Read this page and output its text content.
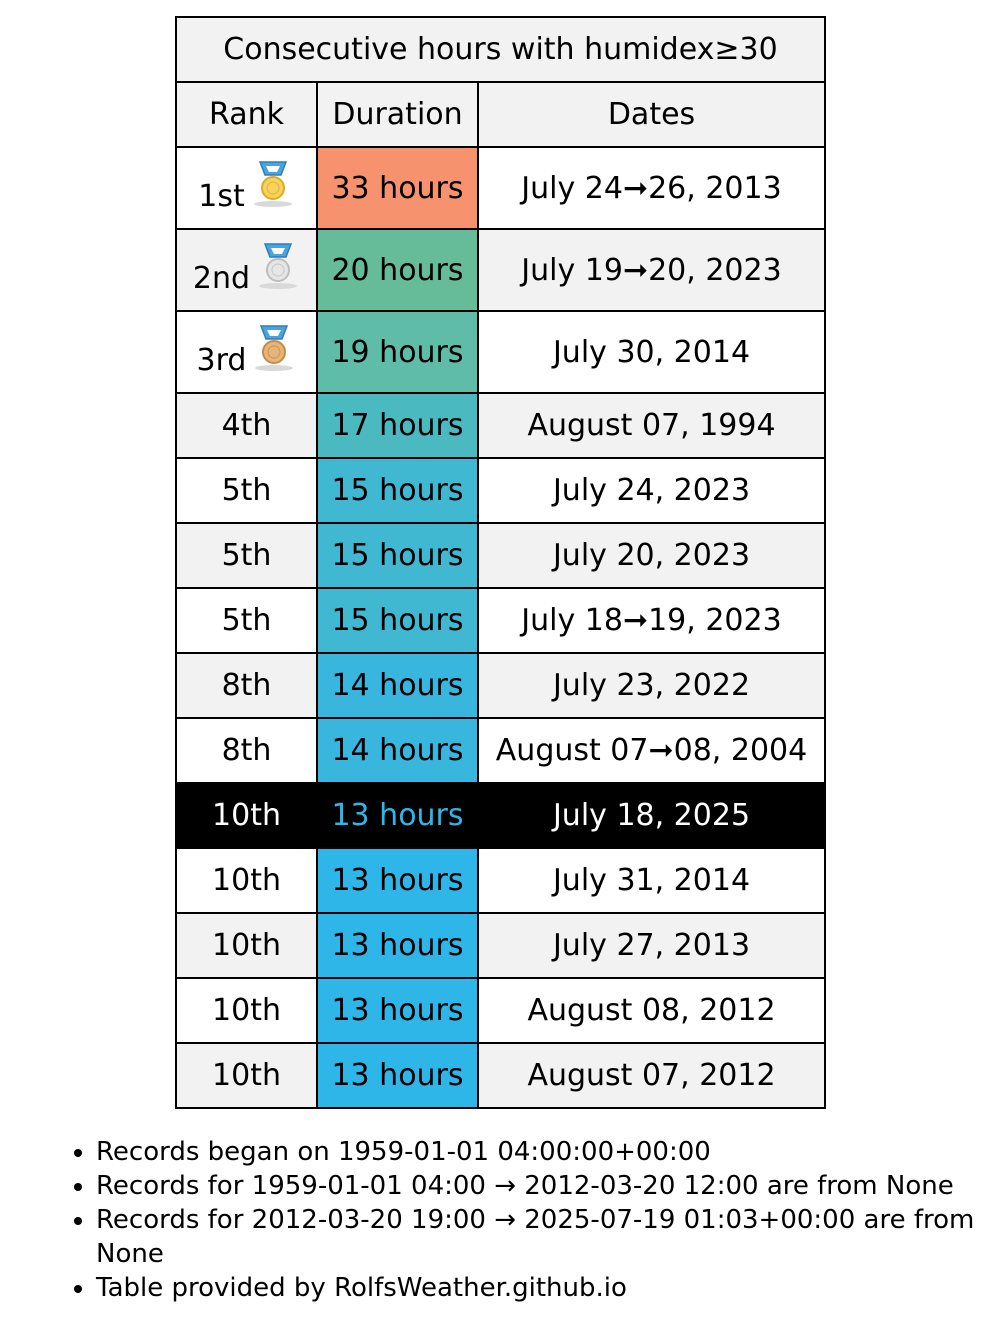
Consecutive hours with humidex≥30		
Rank	Duration	Dates

1st	33 hours	July 24➞26, 2013

2nd	20 hours	July 19➞20, 2023

3rd	19 hours	July 30, 2014
4th	17 hours	August 07, 1994
5th	15 hours	July 24, 2023
5th	15 hours	July 20, 2023
5th	15 hours	July 18➞19, 2023
8th	14 hours	July 23, 2022
8th	14 hours	August 07➞08, 2004
10th	13 hours	July 18, 2025
10th	13 hours	July 31, 2014
10th	13 hours	July 27, 2013
10th	13 hours	August 08, 2012
10th	13 hours	August 07, 2012
• Records began on 1959-01-01 04:00:00+00:00
• Records for 1959-01-01 04:00 → 2012-03-20 12:00 are from None
• Records for 2012-03-20 19:00 → 2025-07-19 01:03+00:00 are from None
• Table provided by RolfsWeather.github.io
